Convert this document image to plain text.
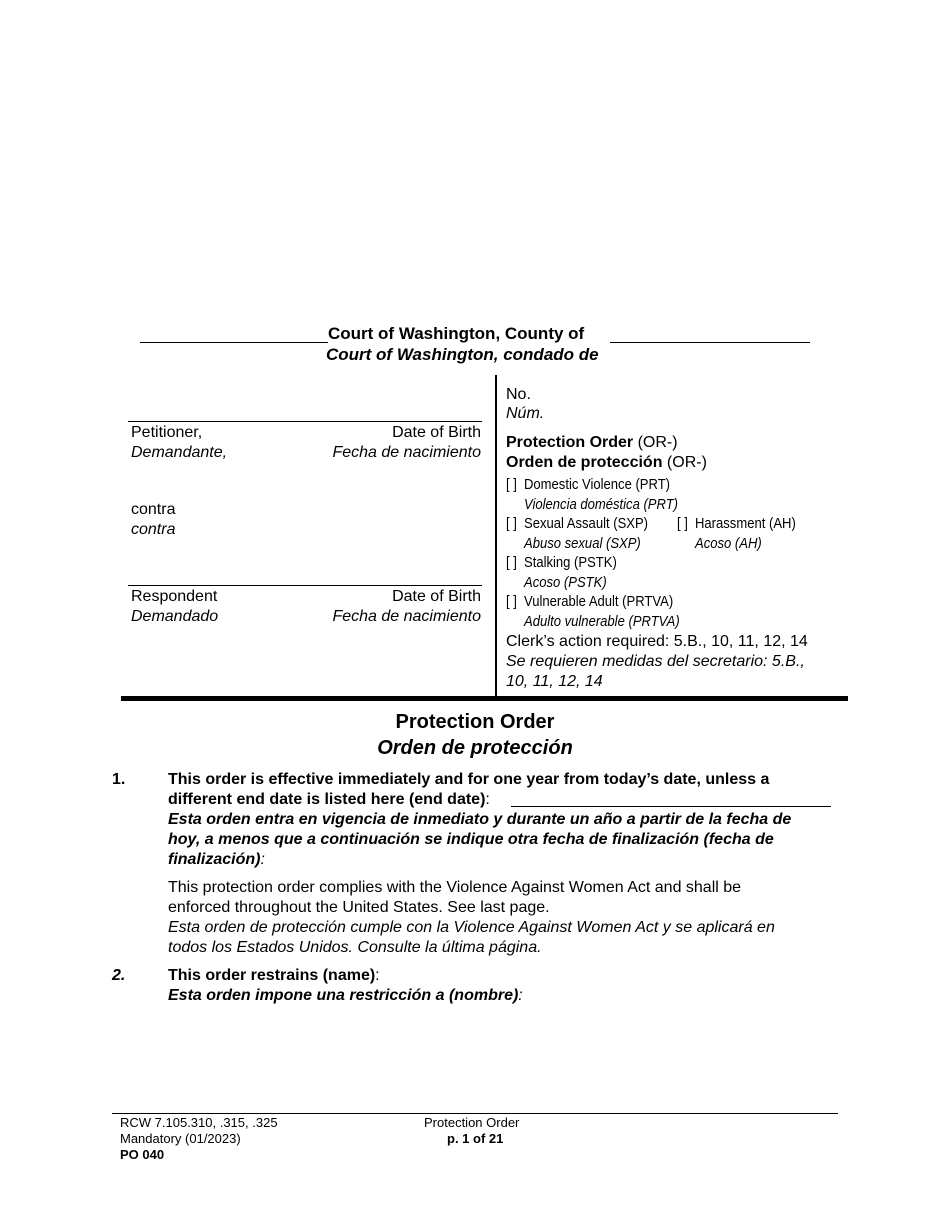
Court of Washington, County of
Court of Washington, condado de
Petitioner,
Demandante,
Date of Birth
Fecha de nacimiento
contra
contra
Respondent
Demandado
Date of Birth
Fecha de nacimiento
No.
Núm.
Protection Order (OR-)
Orden de protección (OR-)
[ ] Domestic Violence (PRT)
Violencia doméstica (PRT)
[ ] Sexual Assault (SXP) [ ] Harassment (AH)
Abuso sexual (SXP)	Acoso (AH)
[ ] Stalking (PSTK)
Acoso (PSTK)
[ ] Vulnerable Adult (PRTVA)
Adulto vulnerable (PRTVA)
Clerk’s action required: 5.B., 10, 11, 12, 14
Se requieren medidas del secretario: 5.B.,
10, 11, 12, 14
Protection Order
Orden de protección
1.	This order is effective immediately and for one year from today’s date, unless a
different end date is listed here (end date):
Esta orden entra en vigencia de inmediato y durante un año a partir de la fecha de
hoy, a menos que a continuación se indique otra fecha de finalización (fecha de
finalización):
This protection order complies with the Violence Against Women Act and shall be
enforced throughout the United States. See last page.
Esta orden de protección cumple con la Violence Against Women Act y se aplicará en
todos los Estados Unidos. Consulte la última página.
2.	This order restrains (name):
Esta orden impone una restricción a (nombre):
RCW 7.105.310, .315, .325
Mandatory (01/2023)
PO 040
Protection Order
p. 1 of 21
